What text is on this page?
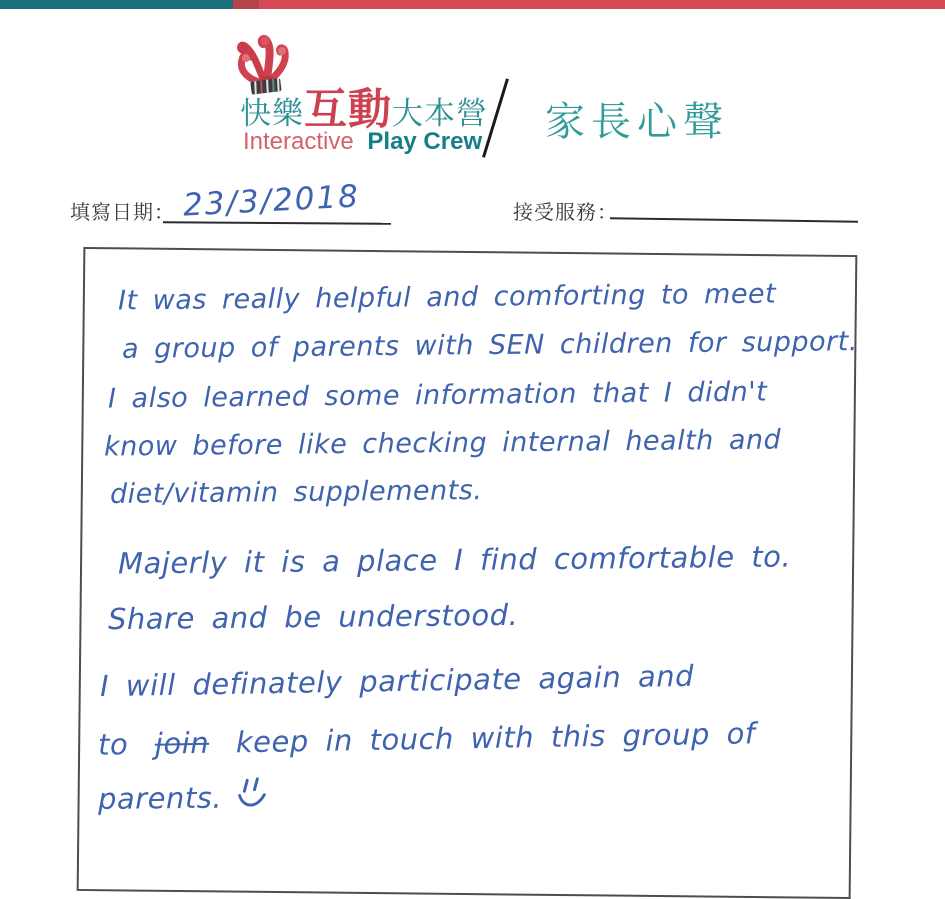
快樂 互動 大本營
Interactive Play Crew 家長心聲
填寫日期： 23/3/2018	接受服務：
It was really helpful and comforting to meet
a group of parents with SEN children for support.
I also learned some information that I didn't
know before like checking internal health and
diet/vitamin supplements.
Majerly it is a place I find comfortable to.
Share and be understood.
I will definately participate again and
to join keep in touch with this group of
parents.
